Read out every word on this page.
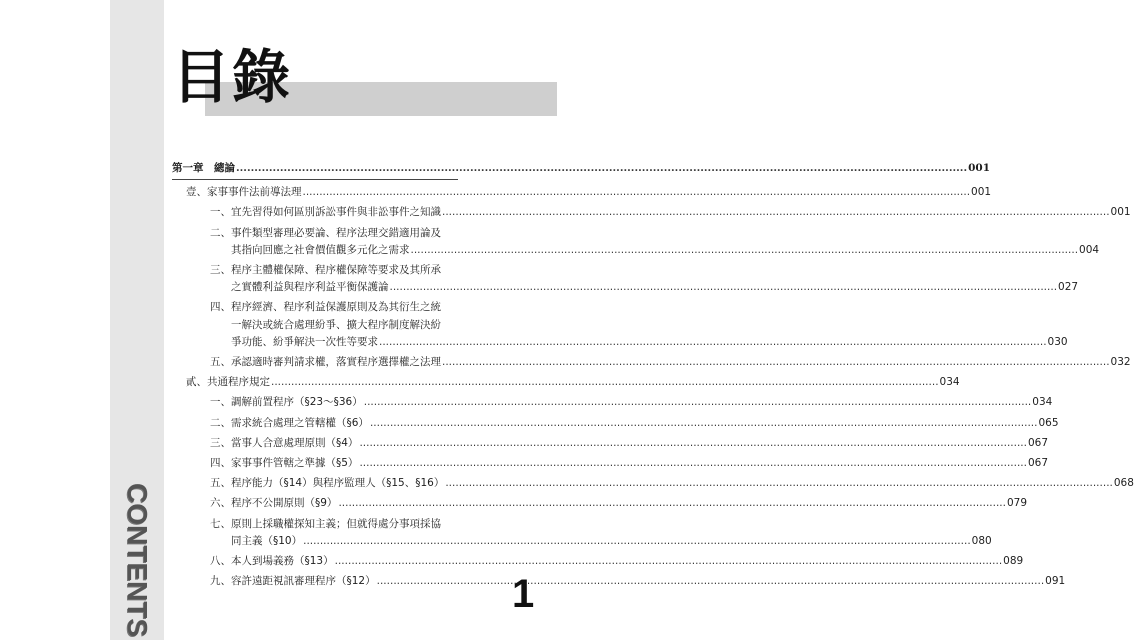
CONTENTS
目錄
第一章　總論 ........................................................................................................................................................................................................ 001
壹、家事事件法前導法理 ........................................................................................................................................................................................................ 001
一、 宜先習得如何區別訴訟事件與非訟事件之知識 ........................................................................................................................................................................................................ 001
二、 事件類型審理必要論、程序法理交錯適用論及
其指向回應之社會價值觀多元化之需求 ........................................................................................................................................................................................................ 004
三、 程序主體權保障、程序權保障等要求及其所承
之實體利益與程序利益平衡保護論 ........................................................................................................................................................................................................ 027
四、 程序經濟、程序利益保護原則及為其衍生之統
一解決或統合處理紛爭、擴大程序制度解決紛
爭功能、紛爭解決一次性等要求 ........................................................................................................................................................................................................ 030
五、 承認適時審判請求權，落實程序選擇權之法理 ........................................................................................................................................................................................................ 032
貳、共通程序規定 ........................................................................................................................................................................................................ 034
一、 調解前置程序（§23～§36） ........................................................................................................................................................................................................ 034
二、 需求統合處理之管轄權（§6） ........................................................................................................................................................................................................ 065
三、 當事人合意處理原則（§4） ........................................................................................................................................................................................................ 067
四、 家事事件管轄之準據（§5） ........................................................................................................................................................................................................ 067
五、 程序能力（§14）與程序監理人（§15、§16） ........................................................................................................................................................................................................ 068
六、 程序不公開原則（§9） ........................................................................................................................................................................................................ 079
七、 原則上採職權探知主義；但就得處分事項採協
同主義（§10） ........................................................................................................................................................................................................ 080
八、 本人到場義務（§13） ........................................................................................................................................................................................................ 089
九、 容許遠距視訊審理程序（§12） ........................................................................................................................................................................................................ 091
1
